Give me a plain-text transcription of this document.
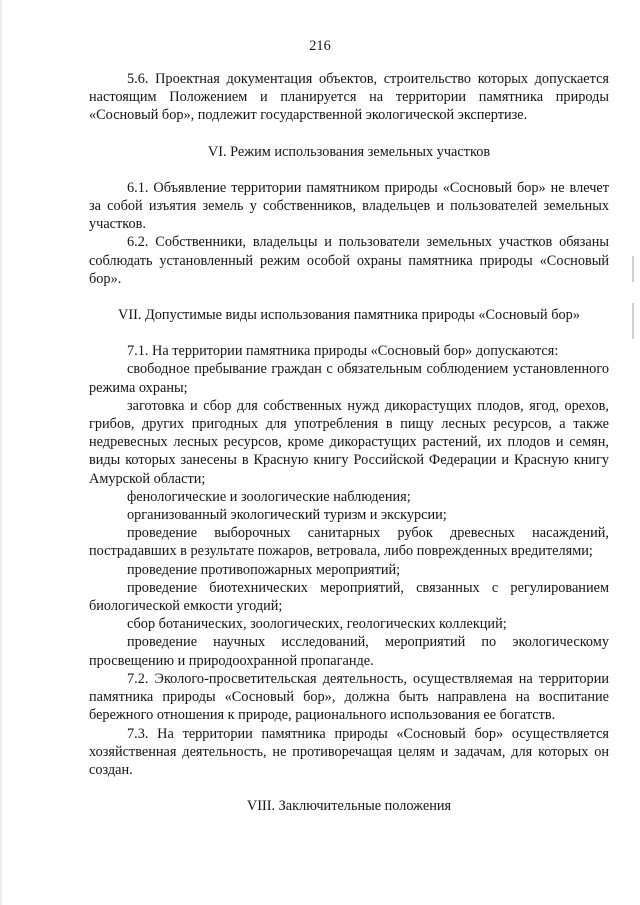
216

5.6. Проектная документация объектов, строительство которых допускается настоящим Положением и планируется на территории памятника природы «Сосновый бор», подлежит государственной экологической экспертизе.

VI. Режим использования земельных участков

6.1. Объявление территории памятником природы «Сосновый бор» не влечет за собой изъятия земель у собственников, владельцев и пользователей земельных участков.

6.2. Собственники, владельцы и пользователи земельных участков обязаны соблюдать установленный режим особой охраны памятника природы «Сосновый бор».

VII. Допустимые виды использования памятника природы «Сосновый бор»

7.1. На территории памятника природы «Сосновый бор» допускаются:

свободное пребывание граждан с обязательным соблюдением установленного режима охраны;

заготовка и сбор для собственных нужд дикорастущих плодов, ягод, орехов, грибов, других пригодных для употребления в пищу лесных ресурсов, а также недревесных лесных ресурсов, кроме дикорастущих растений, их плодов и семян, виды которых занесены в Красную книгу Российской Федерации и Красную книгу Амурской области;

фенологические и зоологические наблюдения;

организованный экологический туризм и экскурсии;

проведение выборочных санитарных рубок древесных насаждений, пострадавших в результате пожаров, ветровала, либо поврежденных вредителями;

проведение противопожарных мероприятий;

проведение биотехнических мероприятий, связанных с регулированием биологической емкости угодий;

сбор ботанических, зоологических, геологических коллекций;

проведение научных исследований, мероприятий по экологическому просвещению и природоохранной пропаганде.

7.2. Эколого-просветительская деятельность, осуществляемая на территории памятника природы «Сосновый бор», должна быть направлена на воспитание бережного отношения к природе, рационального использования ее богатств.

7.3. На территории памятника природы «Сосновый бор» осуществляется хозяйственная деятельность, не противоречащая целям и задачам, для которых он создан.

VIII. Заключительные положения
